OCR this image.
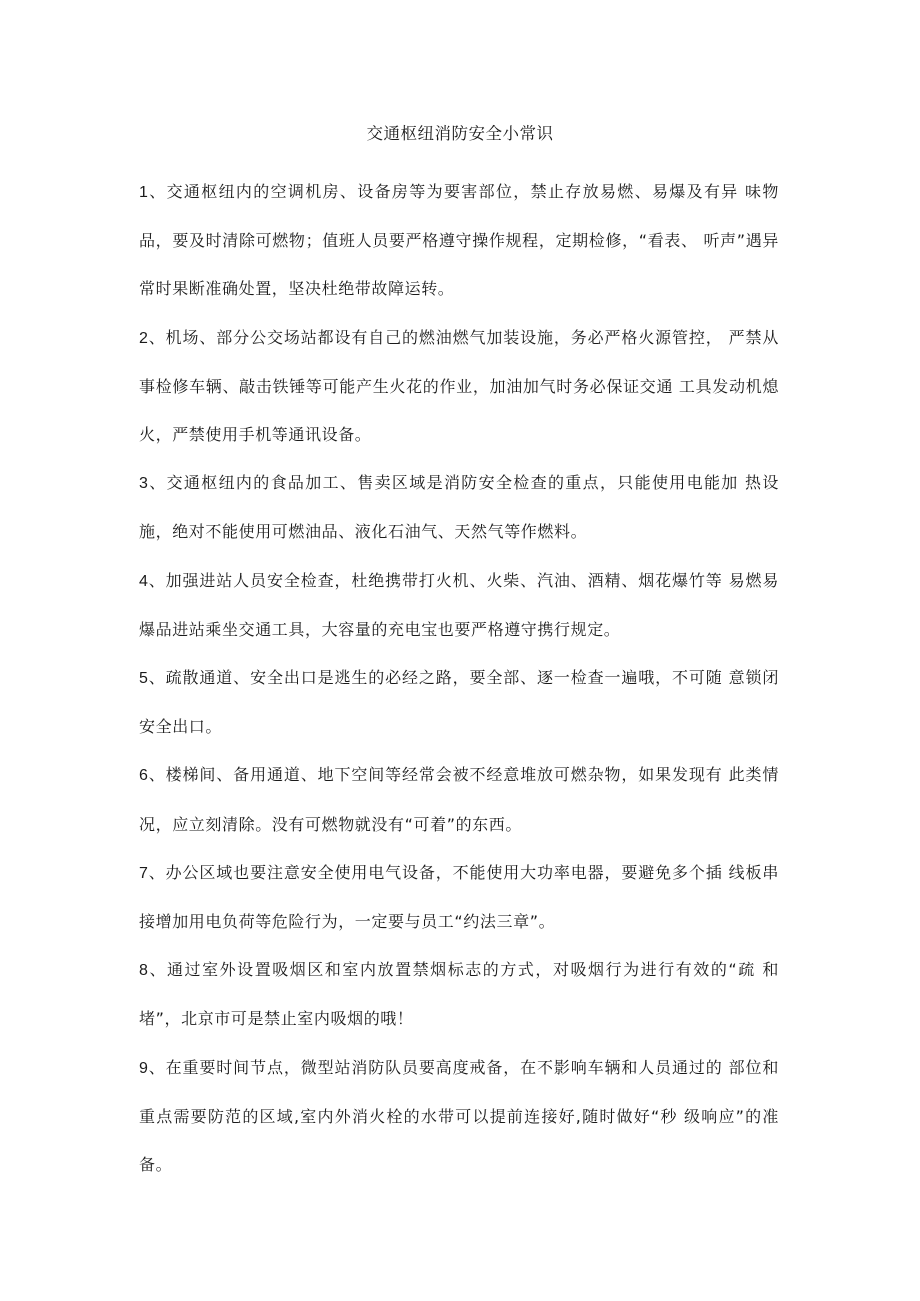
交通枢纽消防安全小常识

1、交通枢纽内的空调机房、设备房等为要害部位，禁止存放易燃、易爆及有异 味物品，要及时清除可燃物；值班人员要严格遵守操作规程，定期检修，“看表、 听声”遇异常时果断准确处置，坚决杜绝带故障运转。

2、机场、部分公交场站都设有自己的燃油燃气加装设施，务必严格火源管控， 严禁从事检修车辆、敲击铁锤等可能产生火花的作业，加油加气时务必保证交通 工具发动机熄火，严禁使用手机等通讯设备。

3、交通枢纽内的食品加工、售卖区域是消防安全检查的重点，只能使用电能加 热设施，绝对不能使用可燃油品、液化石油气、天然气等作燃料。

4、加强进站人员安全检查，杜绝携带打火机、火柴、汽油、酒精、烟花爆竹等 易燃易爆品进站乘坐交通工具，大容量的充电宝也要严格遵守携行规定。

5、疏散通道、安全出口是逃生的必经之路，要全部、逐一检查一遍哦，不可随 意锁闭安全出口。

6、楼梯间、备用通道、地下空间等经常会被不经意堆放可燃杂物，如果发现有 此类情况，应立刻清除。没有可燃物就没有“可着”的东西。

7、办公区域也要注意安全使用电气设备，不能使用大功率电器，要避免多个插 线板串接增加用电负荷等危险行为，一定要与员工“约法三章”。

8、通过室外设置吸烟区和室内放置禁烟标志的方式，对吸烟行为进行有效的“疏 和堵”，北京市可是禁止室内吸烟的哦！

9、在重要时间节点，微型站消防队员要高度戒备，在不影响车辆和人员通过的 部位和重点需要防范的区域,室内外消火栓的水带可以提前连接好,随时做好“秒 级响应”的准备。
